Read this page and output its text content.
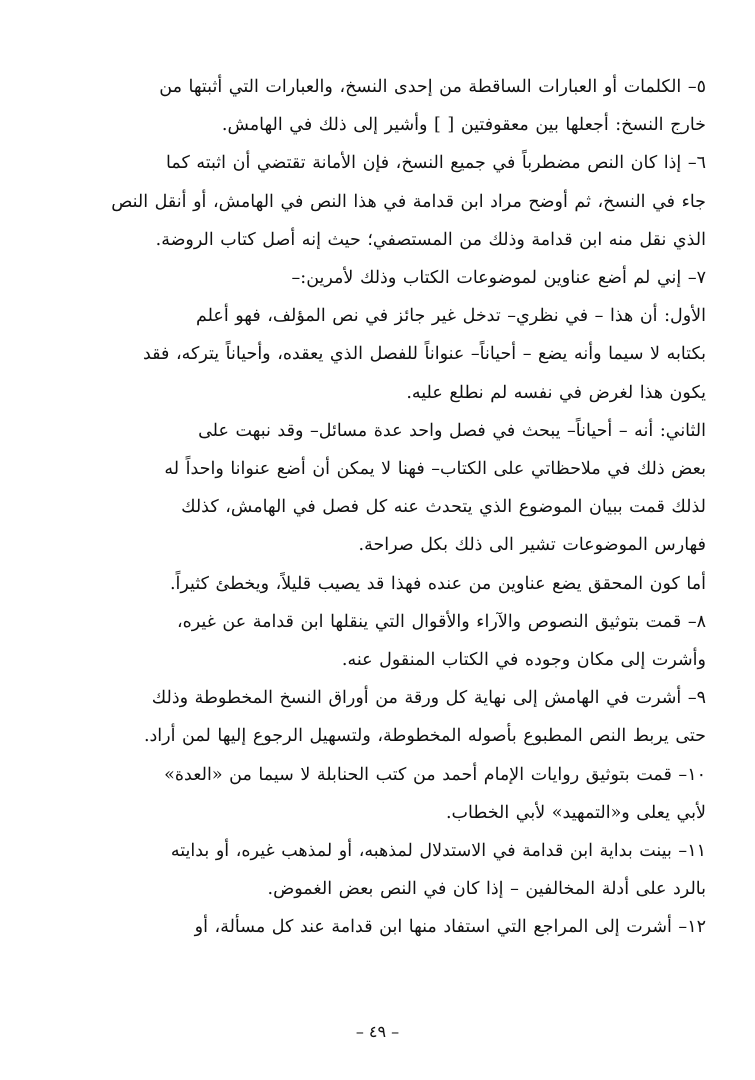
٥– الكلمات أو العبارات الساقطة من إحدى النسخ، والعبارات التي أثبتها من
خارج النسخ: أجعلها بين معقوفتين [ ] وأشير إلى ذلك في الهامش.

٦– إذا كان النص مضطرباً في جميع النسخ، فإن الأمانة تقتضي أن اثبته كما
جاء في النسخ، ثم أوضح مراد ابن قدامة في هذا النص في الهامش، أو أنقل النص
الذي نقل منه ابن قدامة وذلك من المستصفي؛ حيث إنه أصل كتاب الروضة.

٧– إني لم أضع عناوين لموضوعات الكتاب وذلك لأمرين:–

الأول: أن هذا – في نظري– تدخل غير جائز في نص المؤلف، فهو أعلم
بكتابه لا سيما وأنه يضع – أحياناً– عنواناً للفصل الذي يعقده، وأحياناً يتركه، فقد
يكون هذا لغرض في نفسه لم نطلع عليه.

الثاني: أنه – أحياناً– يبحث في فصل واحد عدة مسائل– وقد نبهت على
بعض ذلك في ملاحظاتي على الكتاب– فهنا لا يمكن أن أضع عنوانا واحداً له
لذلك قمت ببيان الموضوع الذي يتحدث عنه كل فصل في الهامش، كذلك
فهارس الموضوعات تشير الى ذلك بكل صراحة.

أما كون المحقق يضع عناوين من عنده فهذا قد يصيب قليلاً، ويخطئ كثيراً.

٨– قمت بتوثيق النصوص والآراء والأقوال التي ينقلها ابن قدامة عن غيره،
وأشرت إلى مكان وجوده في الكتاب المنقول عنه.

٩– أشرت في الهامش إلى نهاية كل ورقة من أوراق النسخ المخطوطة وذلك
حتى يربط النص المطبوع بأصوله المخطوطة، ولتسهيل الرجوع إليها لمن أراد.

١٠– قمت بتوثيق روايات الإمام أحمد من كتب الحنابلة لا سيما من «العدة»
لأبي يعلى و«التمهيد» لأبي الخطاب.

١١– بينت بداية ابن قدامة في الاستدلال لمذهبه، أو لمذهب غيره، أو بدايته
بالرد على أدلة المخالفين – إذا كان في النص بعض الغموض.

١٢– أشرت إلى المراجع التي استفاد منها ابن قدامة عند كل مسألة، أو

– ٤٩ –
